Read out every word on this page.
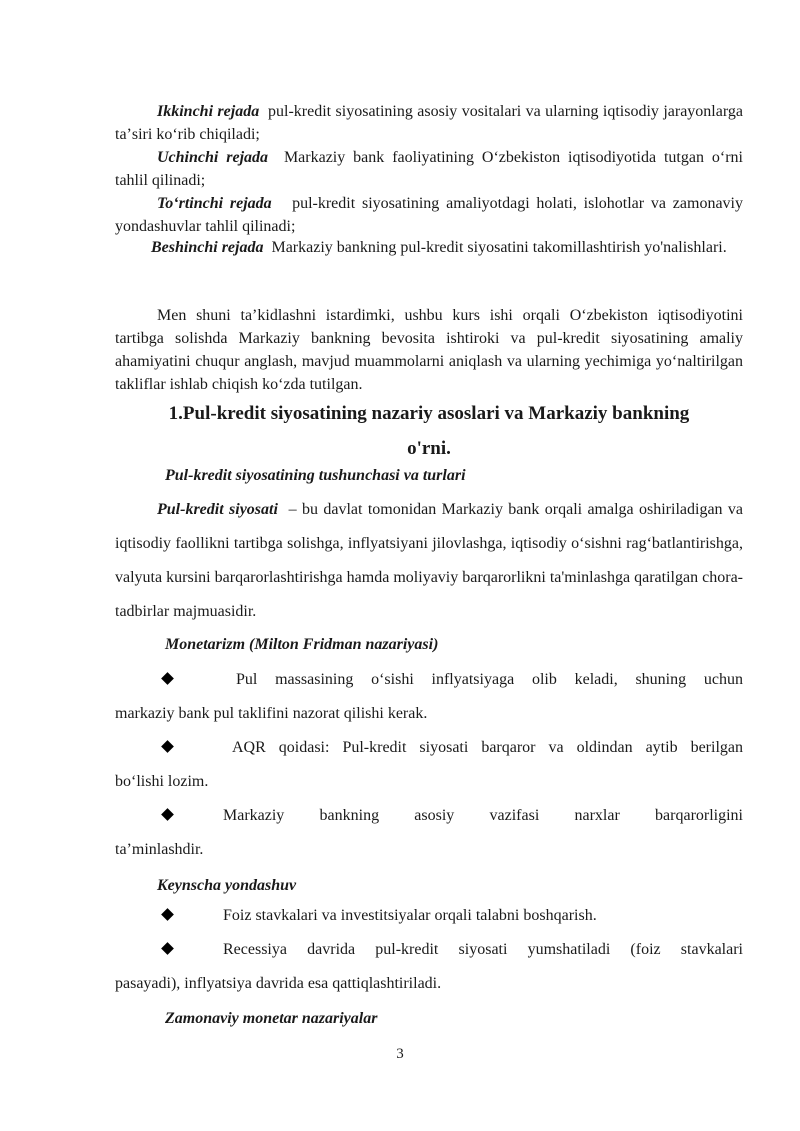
Ikkinchi rejada pul-kredit siyosatining asosiy vositalari va ularning iqtisodiy jarayonlarga taʼsiri koʻrib chiqiladi;
Uchinchi rejada Markaziy bank faoliyatining Oʻzbekiston iqtisodiyotida tutgan oʻrni tahlil qilinadi;
Toʻrtinchi rejada pul-kredit siyosatining amaliyotdagi holati, islohotlar va zamonaviy yondashuvlar tahlil qilinadi;
Beshinchi rejada Markaziy bankning pul-kredit siyosatini takomillashtirish yo'nalishlari.
Men shuni ta’kidlashni istardimki, ushbu kurs ishi orqali Oʻzbekiston iqtisodiyotini tartibga solishda Markaziy bankning bevosita ishtiroki va pul-kredit siyosatining amaliy ahamiyatini chuqur anglash, mavjud muammolarni aniqlash va ularning yechimiga yoʻnaltirilgan takliflar ishlab chiqish koʻzda tutilgan.
1.Pul-kredit siyosatining nazariy asoslari va Markaziy bankning
o'rni.
Pul-kredit siyosatining tushunchasi va turlari
Pul-kredit siyosati – bu davlat tomonidan Markaziy bank orqali amalga oshiriladigan va iqtisodiy faollikni tartibga solishga, inflyatsiyani jilovlashga, iqtisodiy oʻsishni ragʻbatlantirishga, valyuta kursini barqarorlashtirishga hamda moliyaviy barqarorlikni ta'minlashga qaratilgan chora-tadbirlar majmuasidir.
Monetarizm (Milton Fridman nazariyasi)
Pul massasining oʻsishi inflyatsiyaga olib keladi, shuning uchun
markaziy bank pul taklifini nazorat qilishi kerak.
AQR qoidasi: Pul-kredit siyosati barqaror va oldindan aytib berilgan
boʻlishi lozim.
Markaziy bankning asosiy vazifasi narxlar barqarorligini
ta’minlashdir.
Keynscha yondashuv
Foiz stavkalari va investitsiyalar orqali talabni boshqarish.
Recessiya davrida pul-kredit siyosati yumshatiladi (foiz stavkalari
pasayadi), inflyatsiya davrida esa qattiqlashtiriladi.
Zamonaviy monetar nazariyalar
3
